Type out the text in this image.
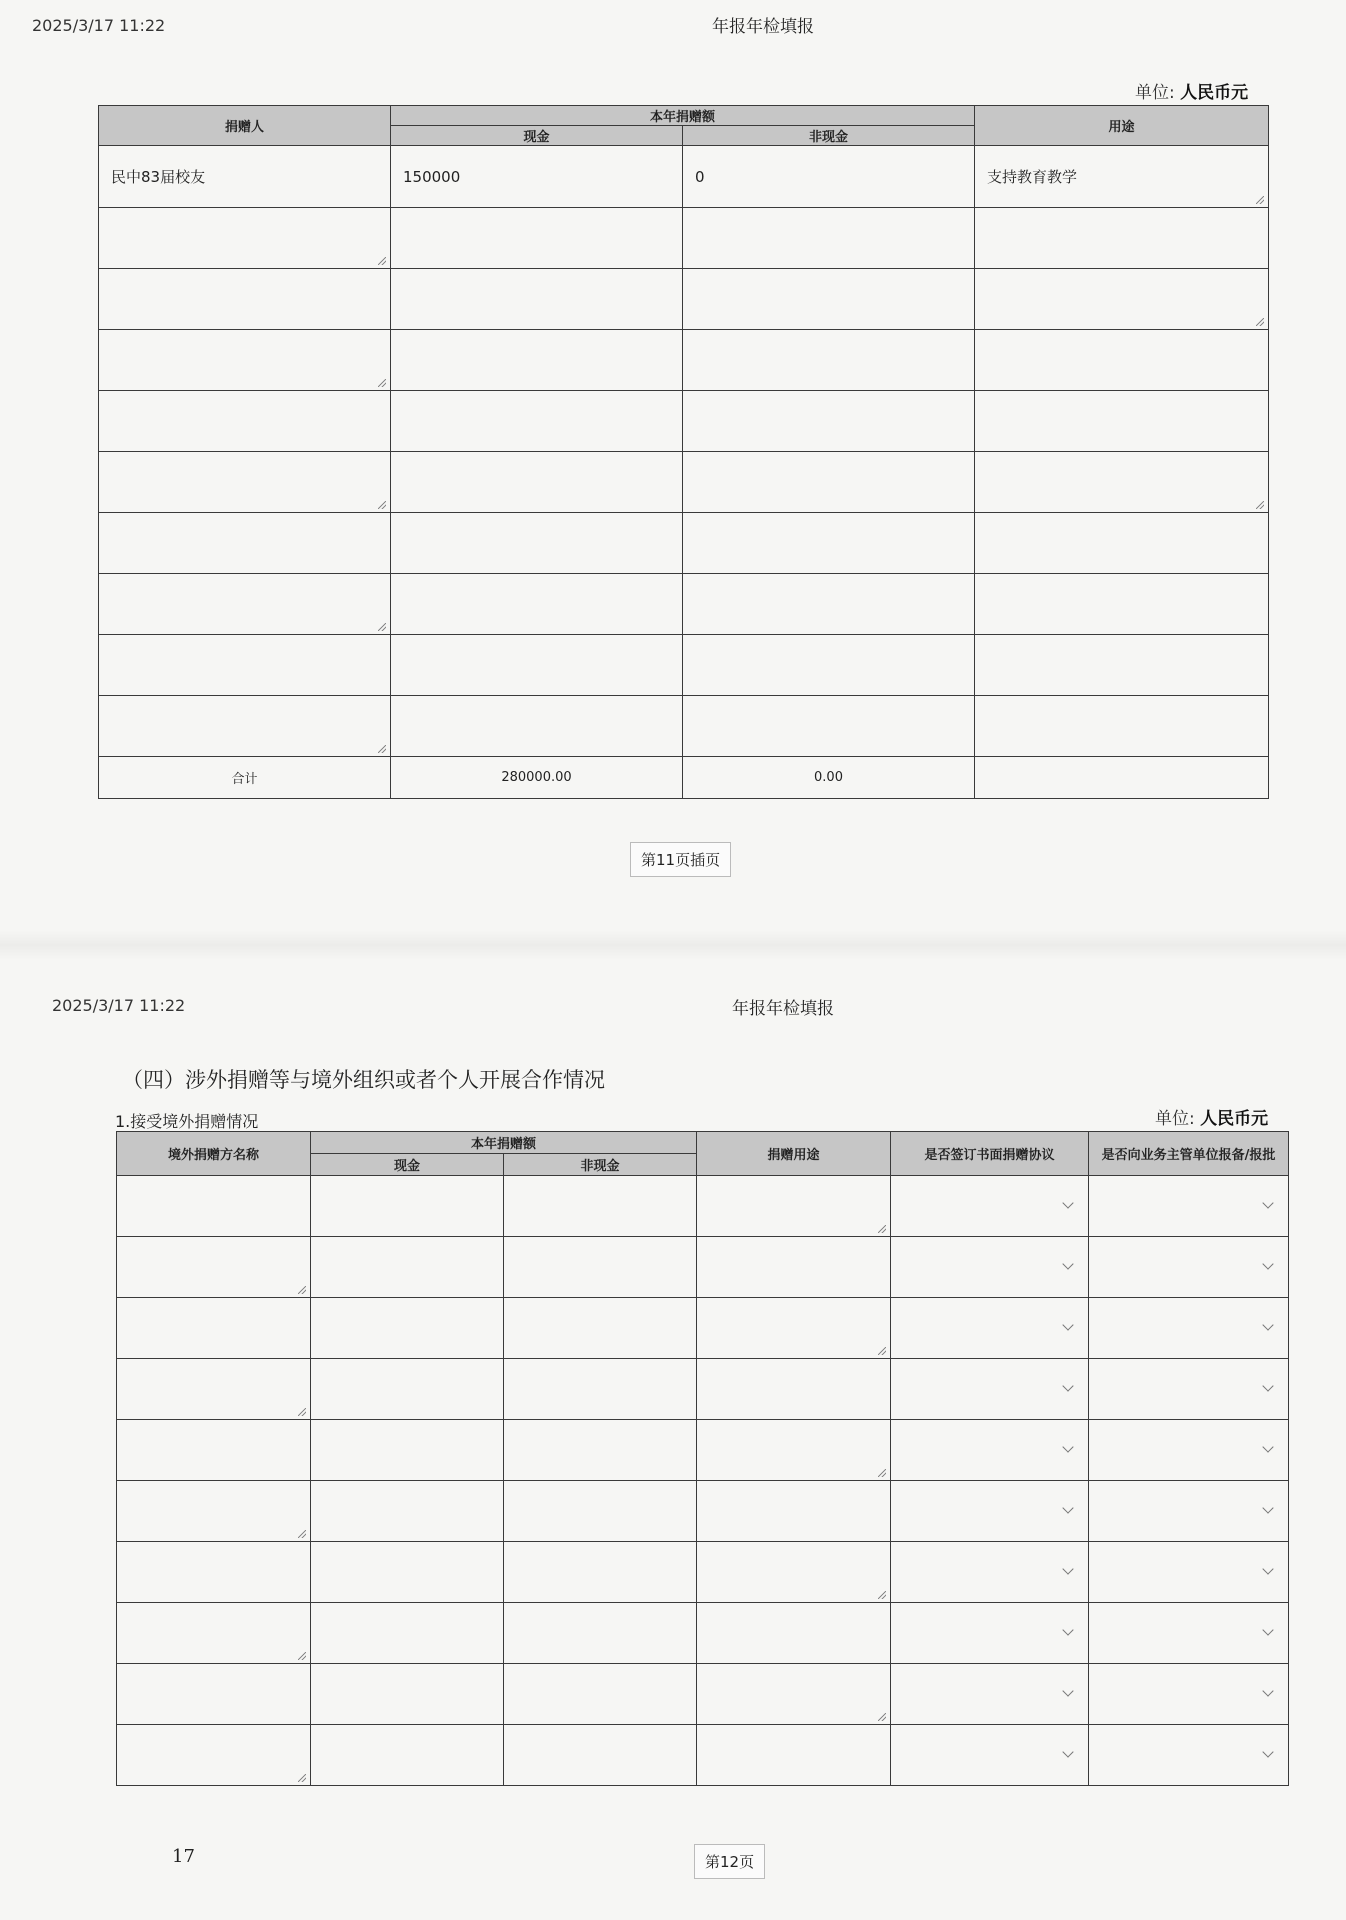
2025/3/17 11:22	年报年检填报
单位: 人民币元
捐赠人	本年捐赠额		用途
	现金	非现金	
民中83届校友	150000	0	支持教育教学

合计	280000.00	0.00	
第11页插页
2025/3/17 11:22	年报年检填报
（四）涉外捐赠等与境外组织或者个人开展合作情况
1.接受境外捐赠情况	单位: 人民币元
境外捐赠方名称	本年捐赠额		捐赠用途	是否签订书面捐赠协议	是否向业务主管单位报备/报批
	现金	非现金			

17	第12页
